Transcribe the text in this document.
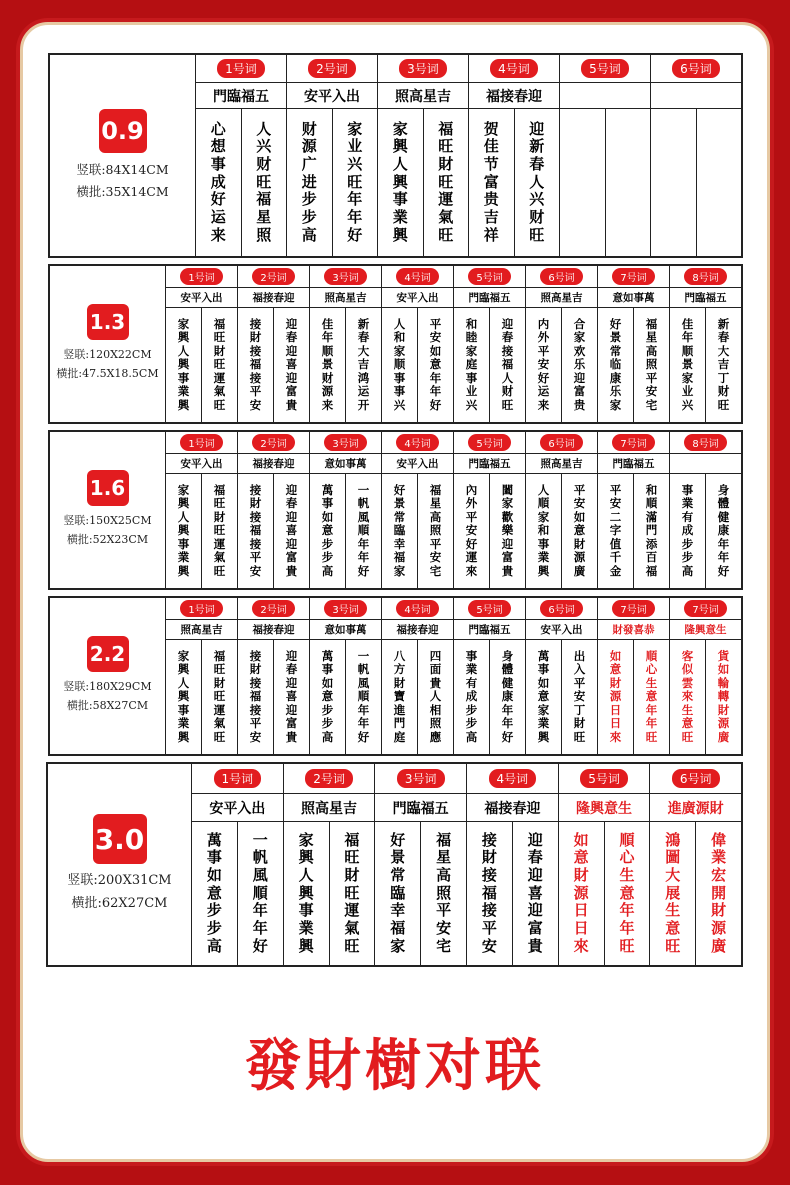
0.9
竖联:84X14CM
横批:35X14CM
1号词
門臨福五
心
想
事
成
好
运
来
人
兴
财
旺
福
星
照
2号词
安平入出
财
源
广
进
步
步
高
家
业
兴
旺
年
年
好
3号词
照高星吉
家
興
人
興
事
業
興
福
旺
財
旺
運
氣
旺
4号词
福接春迎
贺
佳
节
富
贵
吉
祥
迎
新
春
人
兴
财
旺
5号词	6号词
1.3
竖联:120X22CM
横批:47.5X18.5CM
1号词
安平入出
家
興
人
興
事
業
興
福
旺
財
旺
運
氣
旺
2号词
福接春迎
接
財
接
福
接
平
安
迎
春
迎
喜
迎
富
貴
3号词
照高星吉
佳
年
顺
景
财
源
来
新
春
大
吉
鸿
运
开
4号词
安平入出
人
和
家
顺
事
事
兴
平
安
如
意
年
年
好
5号词
門臨福五
和
睦
家
庭
事
业
兴
迎
春
接
福
人
财
旺
6号词
照高星吉
内
外
平
安
好
运
来
合
家
欢
乐
迎
富
贵
7号词
意如事萬
好
景
常
临
康
乐
家
福
星
高
照
平
安
宅
8号词
門臨福五
佳
年
顺
景
家
业
兴
新
春
大
吉
丁
财
旺
1.6
竖联:150X25CM
横批:52X23CM
1号词
安平入出
家
興
人
興
事
業
興
福
旺
財
旺
運
氣
旺
2号词
福接春迎
接
財
接
福
接
平
安
迎
春
迎
喜
迎
富
貴
3号词
意如事萬
萬
事
如
意
步
步
高
一
帆
風
順
年
年
好
4号词
安平入出
好
景
常
臨
幸
福
家
福
星
高
照
平
安
宅
5号词
門臨福五
內
外
平
安
好
運
來
闔
家
歡
樂
迎
富
貴
6号词
照高星吉
人
順
家
和
事
業
興
平
安
如
意
財
源
廣
7号词
門臨福五
平
安
二
字
值
千
金
和
順
滿
門
添
百
福
8号词
事
業
有
成
步
步
高
身
體
健
康
年
年
好
2.2
竖联:180X29CM
横批:58X27CM
1号词
照高星吉
家
興
人
興
事
業
興
福
旺
財
旺
運
氣
旺
2号词
福接春迎
接
財
接
福
接
平
安
迎
春
迎
喜
迎
富
貴
3号词
意如事萬
萬
事
如
意
步
步
高
一
帆
風
順
年
年
好
4号词
福接春迎
八
方
財
寶
進
門
庭
四
面
貴
人
相
照
應
5号词
門臨福五
事
業
有
成
步
步
高
身
體
健
康
年
年
好
6号词
安平入出
萬
事
如
意
家
業
興
出
入
平
安
丁
財
旺
7号词
財發喜恭
如
意
財
源
日
日
來
順
心
生
意
年
年
旺
7号词
隆興意生
客
似
雲
來
生
意
旺
貨
如
輪
轉
財
源
廣
3.0
竖联:200X31CM
横批:62X27CM
1号词
安平入出
萬
事
如
意
步
步
高
一
帆
風
順
年
年
好
2号词
照高星吉
家
興
人
興
事
業
興
福
旺
財
旺
運
氣
旺
3号词
門臨福五
好
景
常
臨
幸
福
家
福
星
高
照
平
安
宅
4号词
福接春迎
接
財
接
福
接
平
安
迎
春
迎
喜
迎
富
貴
5号词
隆興意生
如
意
財
源
日
日
來
順
心
生
意
年
年
旺
6号词
進廣源財
鴻
圖
大
展
生
意
旺
偉
業
宏
開
財
源
廣
發財樹对联
